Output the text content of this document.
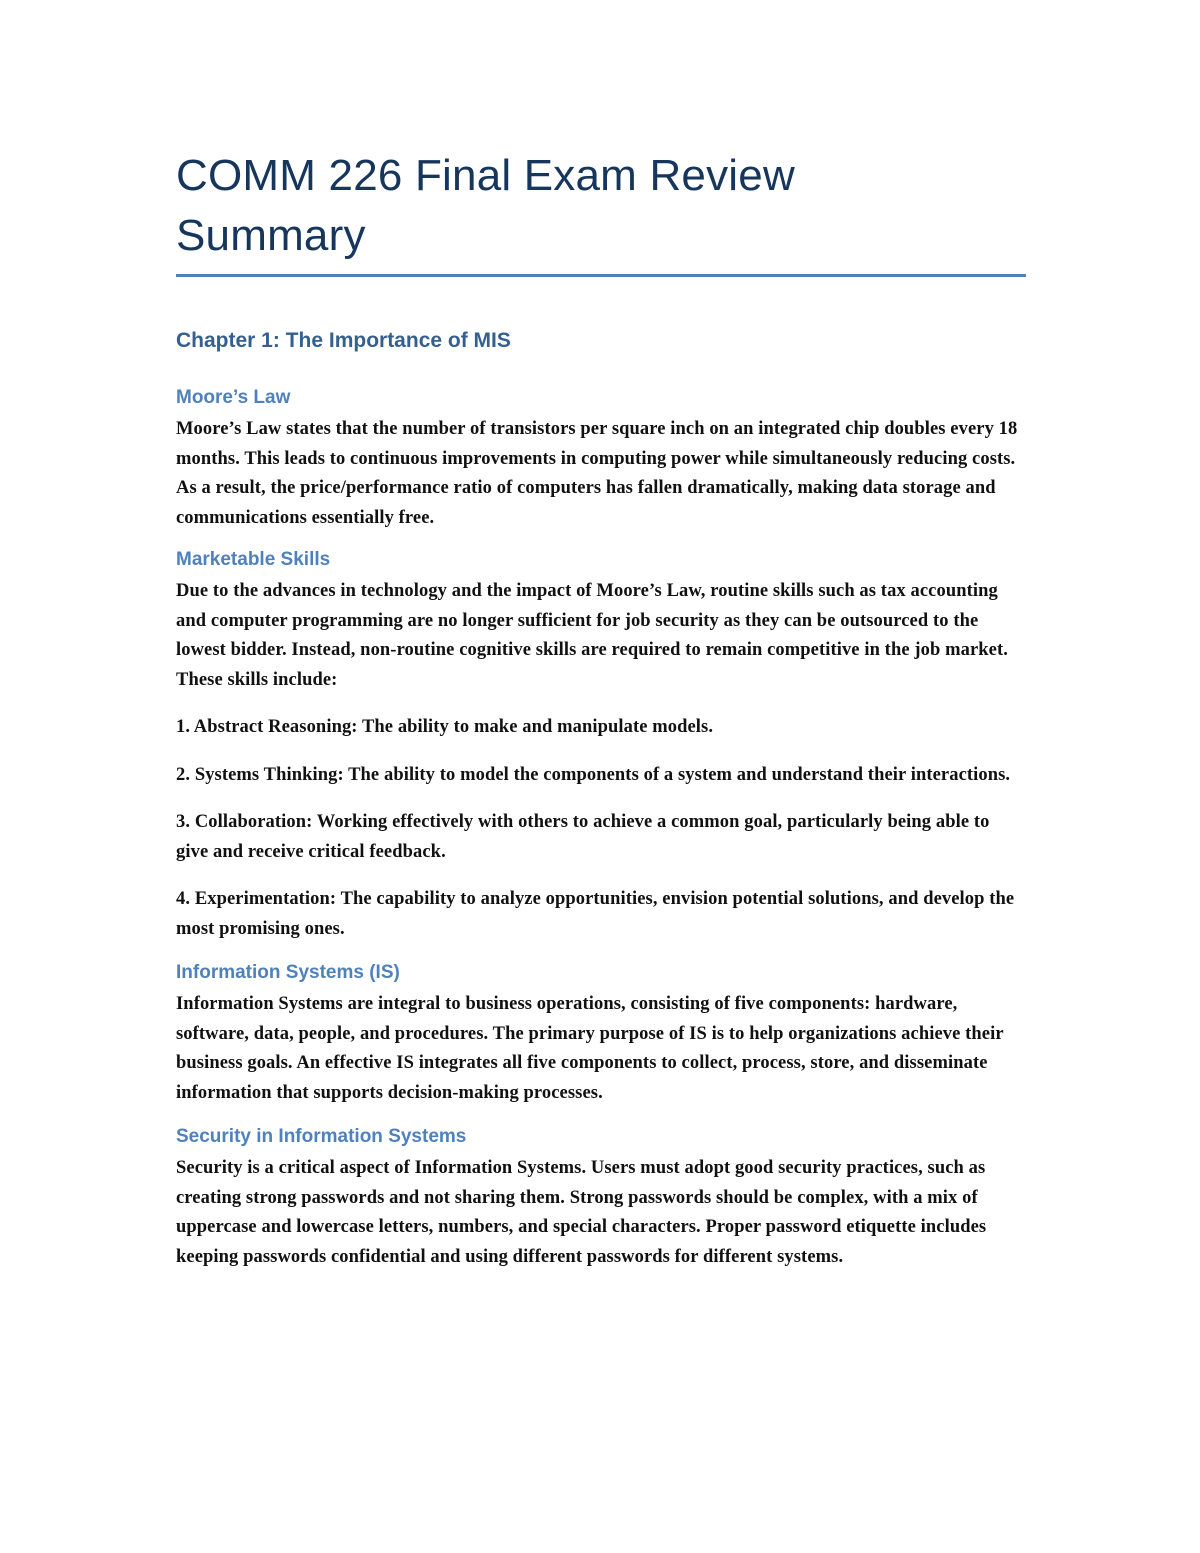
COMM 226 Final Exam Review
Summary
Chapter 1: The Importance of MIS
Moore’s Law

Moore’s Law states that the number of transistors per square inch on an integrated chip doubles every 18 months. This leads to continuous improvements in computing power while simultaneously reducing costs. As a result, the price/performance ratio of computers has fallen dramatically, making data storage and communications essentially free.

Marketable Skills

Due to the advances in technology and the impact of Moore’s Law, routine skills such as tax accounting and computer programming are no longer sufficient for job security as they can be outsourced to the lowest bidder. Instead, non-routine cognitive skills are required to remain competitive in the job market. These skills include:

1. Abstract Reasoning: The ability to make and manipulate models.

2. Systems Thinking: The ability to model the components of a system and understand their interactions.

3. Collaboration: Working effectively with others to achieve a common goal, particularly being able to give and receive critical feedback.

4. Experimentation: The capability to analyze opportunities, envision potential solutions, and develop the most promising ones.

Information Systems (IS)

Information Systems are integral to business operations, consisting of five components: hardware, software, data, people, and procedures. The primary purpose of IS is to help organizations achieve their business goals. An effective IS integrates all five components to collect, process, store, and disseminate information that supports decision-making processes.

Security in Information Systems

Security is a critical aspect of Information Systems. Users must adopt good security practices, such as creating strong passwords and not sharing them. Strong passwords should be complex, with a mix of uppercase and lowercase letters, numbers, and special characters. Proper password etiquette includes keeping passwords confidential and using different passwords for different systems.
